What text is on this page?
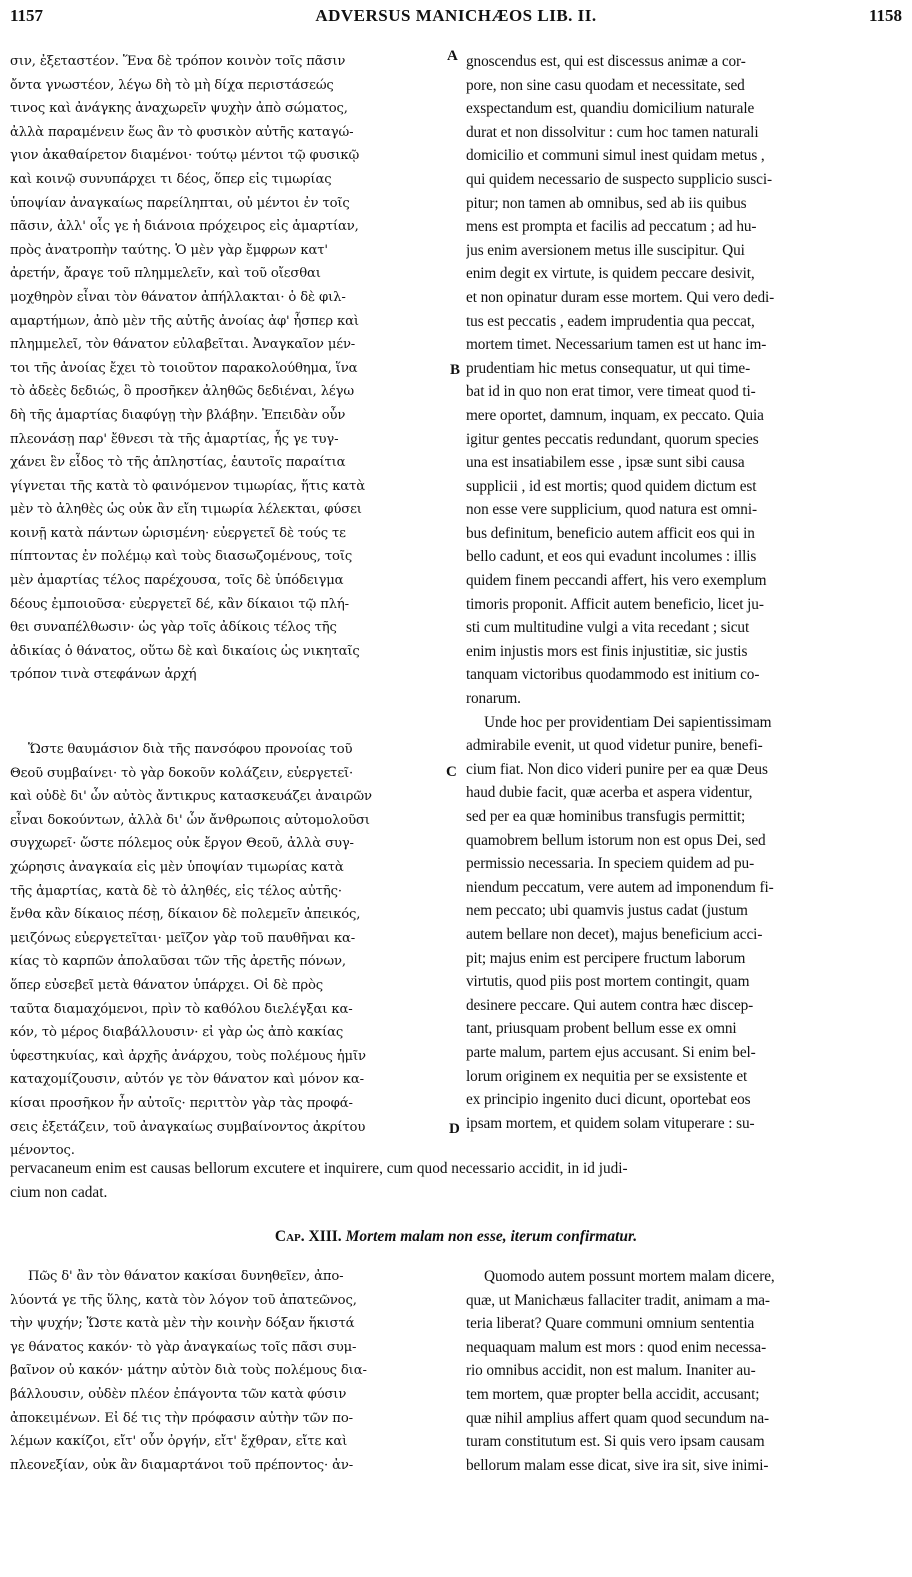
1157	ADVERSUS MANICHÆOS LIB. II.	1158
A
B
C
D
σιν, ἐξεταστέον. Ἕνα δὲ τρόπον κοινὸν τοῖς πᾶσιν
ὄντα γνωστέον, λέγω δὴ τὸ μὴ δίχα περιστάσεώς
τινος καὶ ἀνάγκης ἀναχωρεῖν ψυχὴν ἀπὸ σώματος,
ἀλλὰ παραμένειν ἕως ἂν τὸ φυσικὸν αὐτῆς καταγώ-
γιον ἀκαθαίρετον διαμένοι· τούτῳ μέντοι τῷ φυσικῷ
καὶ κοινῷ συνυπάρχει τι δέος, ὅπερ εἰς τιμωρίας
ὑποψίαν ἀναγκαίως παρείληπται, οὐ μέντοι ἐν τοῖς
πᾶσιν, ἀλλ' οἷς γε ἡ διάνοια πρόχειρος εἰς ἁμαρτίαν,
πρὸς ἀνατροπὴν ταύτης. Ὁ μὲν γὰρ ἔμφρων κατ'
ἀρετήν, ἄραγε τοῦ πλημμελεῖν, καὶ τοῦ οἴεσθαι
μοχθηρὸν εἶναι τὸν θάνατον ἀπήλλακται· ὁ δὲ φιλ-
αμαρτήμων, ἀπὸ μὲν τῆς αὐτῆς ἀνοίας ἀφ' ἧσπερ καὶ
πλημμελεῖ, τὸν θάνατον εὐλαβεῖται. Ἀναγκαῖον μέν-
τοι τῆς ἀνοίας ἔχει τὸ τοιοῦτον παρακολούθημα, ἵνα
τὸ ἀδεὲς δεδιώς, ὃ προσῆκεν ἀληθῶς δεδιέναι, λέγω
δὴ τῆς ἁμαρτίας διαφύγῃ τὴν βλάβην. Ἐπειδὰν οὖν
πλεονάσῃ παρ' ἔθνεσι τὰ τῆς ἁμαρτίας, ἧς γε τυγ-
χάνει ἓν εἶδος τὸ τῆς ἀπληστίας, ἑαυτοῖς παραίτια
γίγνεται τῆς κατὰ τὸ φαινόμενον τιμωρίας, ἥτις κατὰ
μὲν τὸ ἀληθὲς ὡς οὐκ ἂν εἴη τιμωρία λέλεκται, φύσει
κοινῇ κατὰ πάντων ὡρισμένη· εὐεργετεῖ δὲ τούς τε
πίπτοντας ἐν πολέμῳ καὶ τοὺς διασωζομένους, τοῖς
μὲν ἁμαρτίας τέλος παρέχουσα, τοῖς δὲ ὑπόδειγμα
δέους ἐμποιοῦσα· εὐεργετεῖ δέ, κἂν δίκαιοι τῷ πλή-
θει συναπέλθωσιν· ὡς γὰρ τοῖς ἀδίκοις τέλος τῆς
ἀδικίας ὁ θάνατος, οὕτω δὲ καὶ δικαίοις ὡς νικηταῖς
τρόπον τινὰ στεφάνων ἀρχή
Ὥστε θαυμάσιον διὰ τῆς πανσόφου προνοίας τοῦ
Θεοῦ συμβαίνει· τὸ γὰρ δοκοῦν κολάζειν, εὐεργετεῖ·
καὶ οὐδὲ δι' ὧν αὐτὸς ἄντικρυς κατασκευάζει ἀναιρῶν
εἶναι δοκούντων, ἀλλὰ δι' ὧν ἄνθρωποις αὐτομολοῦσι
συγχωρεῖ· ὥστε πόλεμος οὐκ ἔργον Θεοῦ, ἀλλὰ συγ-
χώρησις ἀναγκαία εἰς μὲν ὑποψίαν τιμωρίας κατὰ
τῆς ἁμαρτίας, κατὰ δὲ τὸ ἀληθές, εἰς τέλος αὐτῆς·
ἔνθα κἂν δίκαιος πέσῃ, δίκαιον δὲ πολεμεῖν ἀπεικός,
μειζόνως εὐεργετεῖται· μεῖζον γὰρ τοῦ παυθῆναι κα-
κίας τὸ καρπῶν ἀπολαῦσαι τῶν τῆς ἀρετῆς πόνων,
ὅπερ εὐσεβεῖ μετὰ θάνατον ὑπάρχει. Οἱ δὲ πρὸς
ταῦτα διαμαχόμενοι, πρὶν τὸ καθόλου διελέγξαι κα-
κόν, τὸ μέρος διαβάλλουσιν· εἰ γὰρ ὡς ἀπὸ κακίας
ὑφεστηκυίας, καὶ ἀρχῆς ἀνάρχου, τοὺς πολέμους ἡμῖν
καταχομίζουσιν, αὐτόν γε τὸν θάνατον καὶ μόνον κα-
κίσαι προσῆκον ἦν αὐτοῖς· περιττὸν γὰρ τὰς προφά-
σεις ἐξετάζειν, τοῦ ἀναγκαίως συμβαίνοντος ἀκρίτου
μένοντος.
gnoscendus est, qui est discessus animæ a cor-
pore, non sine casu quodam et necessitate, sed
exspectandum est, quandiu domicilium naturale
durat et non dissolvitur : cum hoc tamen naturali
domicilio et communi simul inest quidam metus ,
qui quidem necessario de suspecto supplicio susci-
pitur; non tamen ab omnibus, sed ab iis quibus
mens est prompta et facilis ad peccatum ; ad hu-
jus enim aversionem metus ille suscipitur. Qui
enim degit ex virtute, is quidem peccare desivit,
et non opinatur duram esse mortem. Qui vero dedi-
tus est peccatis , eadem imprudentia qua peccat,
mortem timet. Necessarium tamen est ut hanc im-
prudentiam hic metus consequatur, ut qui time-
bat id in quo non erat timor, vere timeat quod ti-
mere oportet, damnum, inquam, ex peccato. Quia
igitur gentes peccatis redundant, quorum species
una est insatiabilem esse , ipsæ sunt sibi causa
supplicii , id est mortis; quod quidem dictum est
non esse vere supplicium, quod natura est omni-
bus definitum, beneficio autem afficit eos qui in
bello cadunt, et eos qui evadunt incolumes : illis
quidem finem peccandi affert, his vero exemplum
timoris proponit. Afficit autem beneficio, licet ju-
sti cum multitudine vulgi a vita recedant ; sicut
enim injustis mors est finis injustitiæ, sic justis
tanquam victoribus quodammodo est initium co-
ronarum.
Unde hoc per providentiam Dei sapientissimam
admirabile evenit, ut quod videtur punire, benefi-
cium fiat. Non dico videri punire per ea quæ Deus
haud dubie facit, quæ acerba et aspera videntur,
sed per ea quæ hominibus transfugis permittit;
quamobrem bellum istorum non est opus Dei, sed
permissio necessaria. In speciem quidem ad pu-
niendum peccatum, vere autem ad imponendum fi-
nem peccato; ubi quamvis justus cadat (justum
autem bellare non decet), majus beneficium acci-
pit; majus enim est percipere fructum laborum
virtutis, quod piis post mortem contingit, quam
desinere peccare. Qui autem contra hæc discep-
tant, priusquam probent bellum esse ex omni
parte malum, partem ejus accusant. Si enim bel-
lorum originem ex nequitia per se exsistente et
ex principio ingenito duci dicunt, oportebat eos
ipsam mortem, et quidem solam vituperare : su-
pervacaneum enim est causas bellorum excutere et inquirere, cum quod necessario accidit, in id judi-
cium non cadat.
Cap. XIII. Mortem malam non esse, iterum confirmatur.
Πῶς δ' ἂν τὸν θάνατον κακίσαι δυνηθεῖεν, ἀπο-
λύοντά γε τῆς ὕλης, κατὰ τὸν λόγον τοῦ ἀπατεῶνος,
τὴν ψυχήν; Ὥστε κατὰ μὲν τὴν κοινὴν δόξαν ἥκιστά
γε θάνατος κακόν· τὸ γὰρ ἀναγκαίως τοῖς πᾶσι συμ-
βαῖνον οὐ κακόν· μάτην αὐτὸν διὰ τοὺς πολέμους δια-
βάλλουσιν, οὐδὲν πλέον ἐπάγοντα τῶν κατὰ φύσιν
ἀποκειμένων. Εἰ δέ τις τὴν πρόφασιν αὐτὴν τῶν πο-
λέμων κακίζοι, εἴτ' οὖν ὀργήν, εἴτ' ἔχθραν, εἴτε καὶ
πλεονεξίαν, οὐκ ἂν διαμαρτάνοι τοῦ πρέποντος· ἀν-
Quomodo autem possunt mortem malam dicere,
quæ, ut Manichæus fallaciter tradit, animam a ma-
teria liberat? Quare communi omnium sententia
nequaquam malum est mors : quod enim necessa-
rio omnibus accidit, non est malum. Inaniter au-
tem mortem, quæ propter bella accidit, accusant;
quæ nihil amplius affert quam quod secundum na-
turam constitutum est. Si quis vero ipsam causam
bellorum malam esse dicat, sive ira sit, sive inimi-
